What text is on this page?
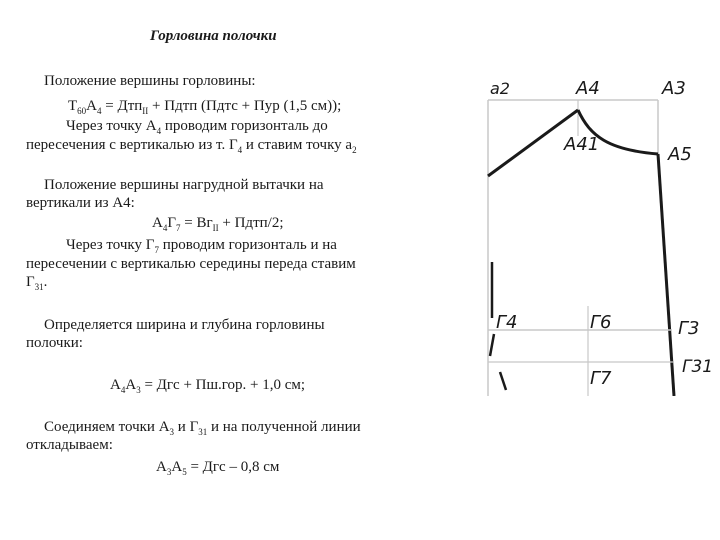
Горловина полочки
Положение вершины горловины:
$Т_{60}А_4 = Дтп_{II}$ + Пдтп (Пдтс + Пур (1,5 см));
Через точку $А_4$ проводим горизонталь до
пересечения с вертикалью из т. $Г_4$ и ставим точку $а_2$
Положение вершины нагрудной вытачки на
вертикали из А4:
$А_4Г_7 = Вг_{II}$ + Пдтп/2;
Через точку $Г_7$ проводим горизонталь и на
пересечении с вертикалью середины переда ставим
$Г_{31}$.
Определяется ширина и глубина горловины
полочки:
$А_4А_3$ = Дгс + Пш.гор. + 1,0 см;
Соединяем точки $А_3$ и $Г_{31}$ и на полученной линии
откладываем:
$А_3А_5$ = Дгс – 0,8 см
а2	А4	А3
А41	А5
Г4	Г6	Г3
Г7
Г31
